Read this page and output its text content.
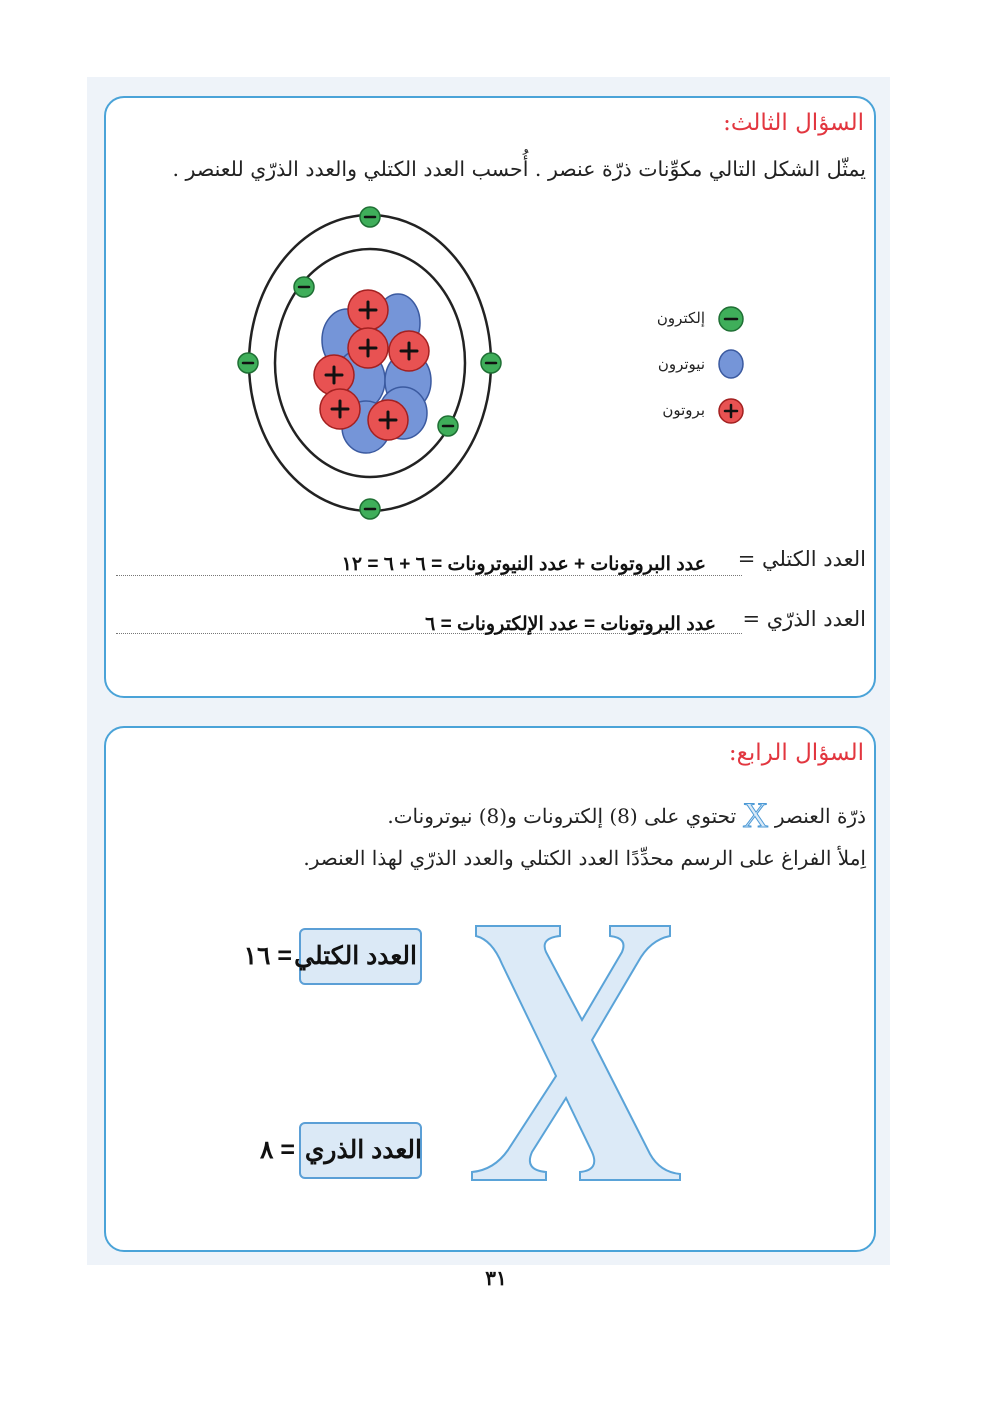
السؤال الثالث:
يمثّل الشكل التالي مكوِّنات ذرّة عنصر . أُحسب العدد الكتلي والعدد الذرّي للعنصر .
إلكترون
نيوترون
بروتون
العدد الكتلي =
عدد البروتونات + عدد النيوترونات = ٦ + ٦ = ١٢
العدد الذرّي =
عدد البروتونات = عدد الإلكترونات = ٦
السؤال الرابع:
ذرّة العنصر X تحتوي على (8) إلكترونات و(8) نيوترونات.
اِملأ الفراغ على الرسم محدِّدًا العدد الكتلي والعدد الذرّي لهذا العنصر.
العدد الكتلي
= ١٦
العدد الذري
= ٨
٣١
